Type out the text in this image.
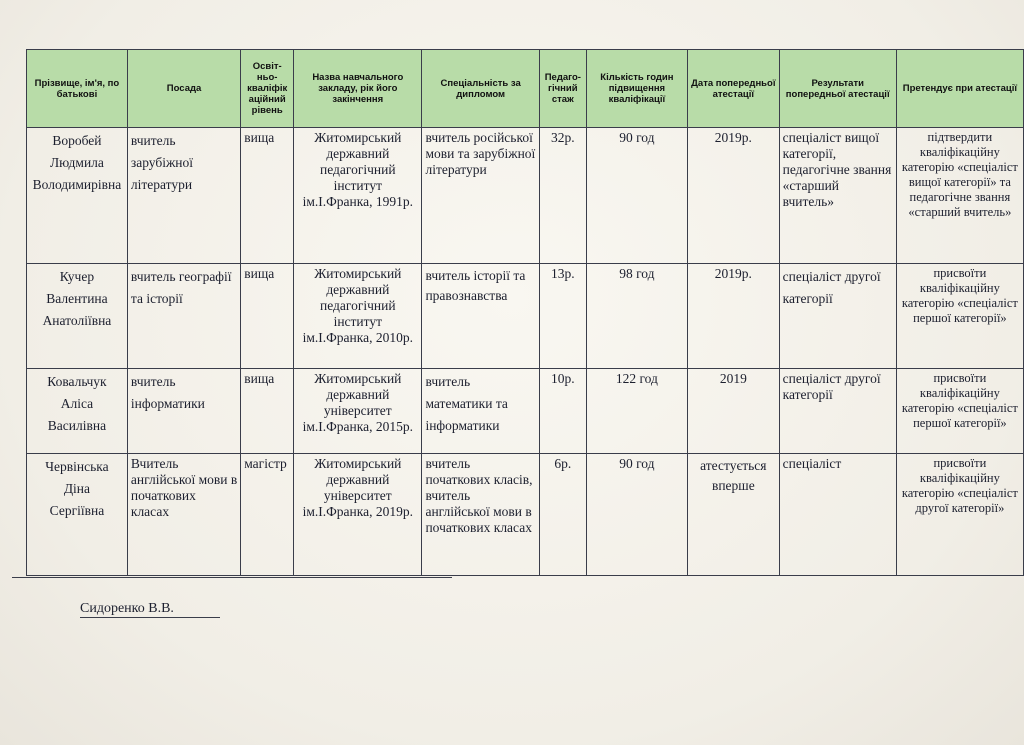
Прізвище, ім'я, по батькові	Посада	Освіт-ньо-кваліфік аційний рівень	Назва навчального закладу, рік його закінчення	Спеціальність за дипломом	Педаго-гічний стаж	Кількість годин підвищення кваліфікації	Дата попередньої атестації	Результати попередньої атестації	Претендує при атестації

Воробей
Людмила
Володимирівна	вчитель зарубіжної літератури	вища	Житомирський державний педагогічний інститут ім.І.Франка, 1991р.	вчитель російської мови та зарубіжної літератури	32р.	90 год	2019р.	спеціаліст вищої категорії, педагогічне звання «старший вчитель»	підтвердити кваліфікаційну категорію «спеціаліст вищої категорії» та педагогічне звання «старший вчитель»

Кучер
Валентина
Анатоліївна	вчитель географії та історії	вища	Житомирський державний педагогічний інститут ім.І.Франка, 2010р.	вчитель історії та правознавства	13р.	98 год	2019р.	спеціаліст другої категорії	присвоїти кваліфікаційну категорію «спеціаліст першої категорії»

Ковальчук
Аліса
Василівна	вчитель інформатики	вища	Житомирський державний університет ім.І.Франка, 2015р.	вчитель математики та інформатики	10р.	122 год	2019	спеціаліст другої категорії	присвоїти кваліфікаційну категорію «спеціаліст першої категорії»

Червінська
Діна
Сергіївна	Вчитель англійської мови в початкових класах	магістр	Житомирський державний університет ім.І.Франка, 2019р.	вчитель початкових класів, вчитель англійської мови в початкових класах	6р.	90 год	атестується вперше	спеціаліст	присвоїти кваліфікаційну категорію «спеціаліст другої категорії»
Сидоренко В.В.
